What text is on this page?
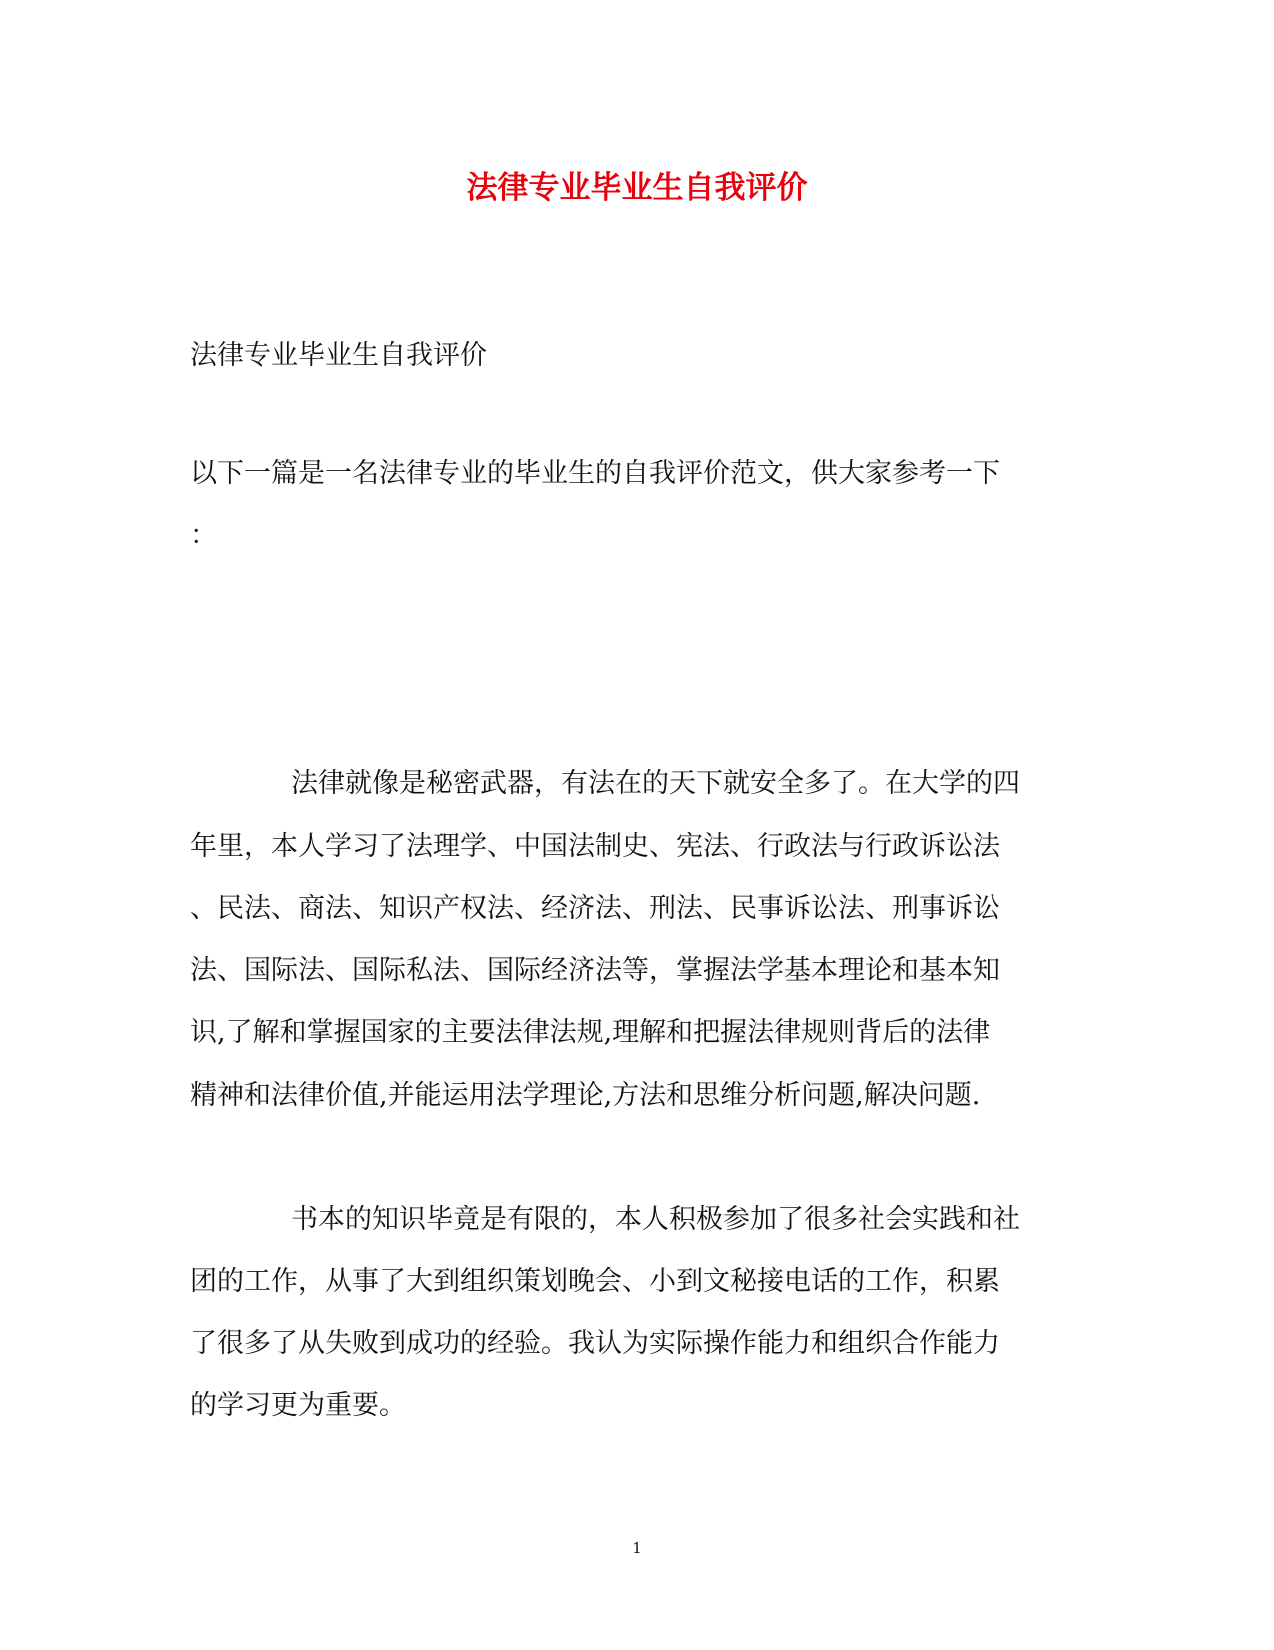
法律专业毕业生自我评价
法律专业毕业生自我评价
以下一篇是一名法律专业的毕业生的自我评价范文，供大家参考一下
：
法律就像是秘密武器，有法在的天下就安全多了。在大学的四
年里，本人学习了法理学、中国法制史、宪法、行政法与行政诉讼法
、民法、商法、知识产权法、经济法、刑法、民事诉讼法、刑事诉讼
法、国际法、国际私法、国际经济法等，掌握法学基本理论和基本知
识,了解和掌握国家的主要法律法规,理解和把握法律规则背后的法律
精神和法律价值,并能运用法学理论,方法和思维分析问题,解决问题.
书本的知识毕竟是有限的，本人积极参加了很多社会实践和社
团的工作，从事了大到组织策划晚会、小到文秘接电话的工作，积累
了很多了从失败到成功的经验。我认为实际操作能力和组织合作能力
的学习更为重要。
1
